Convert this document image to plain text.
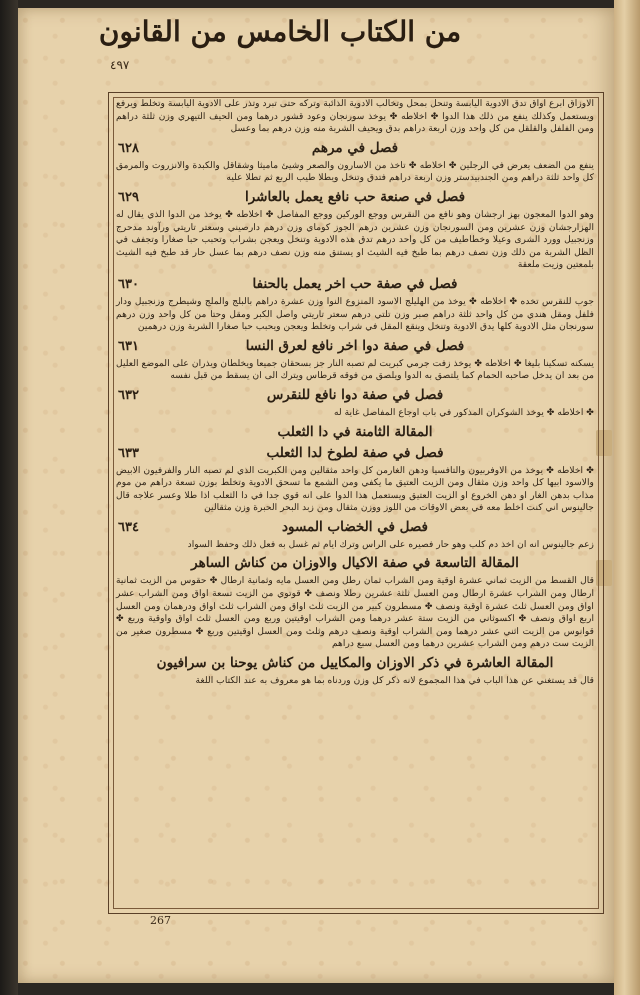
من الكتاب الخامس من القانون
٤٩٧
الاوزاق ابرع اواق تدق الادوية اليابسة وتنحل بمحل وتخالب الادوية الذائبة وتركه حتى تبرد وتذر على الادوية اليابسة وتخلط ويرفع ويستعمل وكذلك ينفع من ذلك هذا الدوا ✤ اخلاطه ✤ يوخذ سورنجان وعود قشور درهما ومن الحيف التيهري وزن ثلثة دراهم ومن الفلفل والقلقل من كل واحد وزن اربعة دراهم بدق ويحيف الشربة منه وزن درهم بما وعسل
فصل في مرهم
٦٢٨
ينفع من الضعف يعرض في الرجلين ✤ اخلاطه ✤ تاخذ من الاسارون والصعر وشيئ ماميثا وشقاقل والكبدة والانزروت والمرمق كل واحد ثلثة دراهم ومن الجندبيدستر وزن اربعة دراهم فتدق وتنخل ويطلا طيب الربع ثم تطلا عليه
فصل في صنعة حب نافع يعمل بالعاشرا
٦٢٩
وهو الدوا المعجون بهز ارجشان وهو نافع من النقرس ووجع الوركين ووجع المفاصل ✤ اخلاطه ✤ يوخذ من الدوا الذي يقال له الهزارجشان وزن عشرين ومن السورنجان وزن عشرين درهم الجوز كوماي وزن درهم دارصيني وسعتر تاريتي ورآوند مدحرج وزنجبيل وورد الشرى وعيلا وخطاطيف من كل واحد درهم تدق هذه الادوية وتنخل ويعجن بشراب وتحبب حبا صغارا وتجفف في الظل الشربة من ذلك وزن نصف درهم بما طبخ فيه الشيث او يستنق منه وزن نصف درهم بما عسل حار قد طبخ فيه الشيث بلمعتين وزيت ملعقة
فصل في صفة حب اخر يعمل بالحنفا
٦٣٠
جوب للنقرس تخده ✤ اخلاطه ✤ يوخذ من الهليلج الاسود المنزوع النوا وزن عشرة دراهم بالبلج والملج وشيطرج وزنجبيل ودار فلفل ومقل هندي من كل واحد ثلثة دراهم صبر وزن تلتي درهم سعتر تاريتي واصل الكبر ومقل وحتا من كل واحد وزن درهم سورنجان مثل الادوية كلها يدق الادوية وتنخل وينقع المقل في شراب وتخلط ويعجن ويحبب حبا صغارا الشربة وزن درهمين
فصل في صفة دوا اخر نافع لعرق النسا
٦٣١
يسكنه تسكينا بليغا ✤ اخلاطه ✤ يوخذ زفت جرمي كبريت لم تصبه النار جز بسحقان جميعا ويخلطان ويذران على الموضع العليل من بعد ان يدخل صاحبه الحمام كما يلتصق به الدوا ويلصق من فوقه قرطاس ويترك الى ان يسقط من قبل نفسه
فصل في صفة دوا نافع للنقرس
٦٣٢
✤ اخلاطه ✤ يوخذ الشوكران المذكور في باب اوجاع المفاصل غاية له
المقالة الثامنة في دا الثعلب
فصل في صفة لطوخ لدا الثعلب
٦٣٣
✤ اخلاطه ✤ يوخذ من الاوفربيون والتافسيا ودهن الغارمن كل واحد مثقالين ومن الكبريت الذي لم تصبه النار والفرفيون الابيض والاسود ابيها كل واحد وزن مثقال ومن الزيت العتيق ما يكفي ومن الشمع ما تسحق الادوية وتخلط بوزن تسعة دراهم من موم مذاب بدهن الغار او دهن الخروع او الزيت العتيق ويستعمل هذا الدوا على انه قوي جدا في دا الثعلب اذا طلا وعسر علاجه قال جالينوس اني كنت اخلط معه في بعض الاوقات من اللوز ووزن مثقال ومن زبد البحر الحبرة وزن مثقالين
فصل في الخضاب المسود
٦٣٤
زعم جالينوس انه ان اخذ دم كلب وهو حار فصيره على الراس وترك ايام ثم غسل به فعل ذلك وحفظ السواد
المقالة التاسعة في صفة الاكيال والاوزان من كناش الساهر
قال القسط من الزيت ثماني عشرة اوقية ومن الشراب ثمان رطل ومن العسل مايه وثمانية ارطال ✤ حقوس من الزيت ثمانية ارطال ومن الشراب عشرة ارطال ومن العسل ثلثة عشرين رطلا ونصف ✤ قوتوي من الزيت تسعة اواق ومن الشراب عشر اواق ومن العسل ثلث عشرة اوقية ونصف ✤ مسطرون كبير من الزيت ثلث اواق ومن الشراب ثلث اواق ودرهمان ومن العسل اربع اواق ونصف ✤ اكسوثاني من الزيت ستة عشر درهما ومن الشراب اوقيتين وربع ومن العسل ثلث اواق واوقية وربع ✤ قوانوس من الزيت اثني عشر درهما ومن الشراب اوقية ونصف درهم وثلث ومن العسل اوقيتين وربع ✤ مسطرون صغير من الزيت ست درهم ومن الشراب عشرين درهما ومن العسل سبع دراهم
المقالة العاشرة في ذكر الاوزان والمكاييل من كناش يوحنا بن سرافيون
قال قد يستغني عن هذا الباب في هذا المجموع لانه ذكر كل وزن وردناه بما هو معروف به عند الكتاب اللغة
267
